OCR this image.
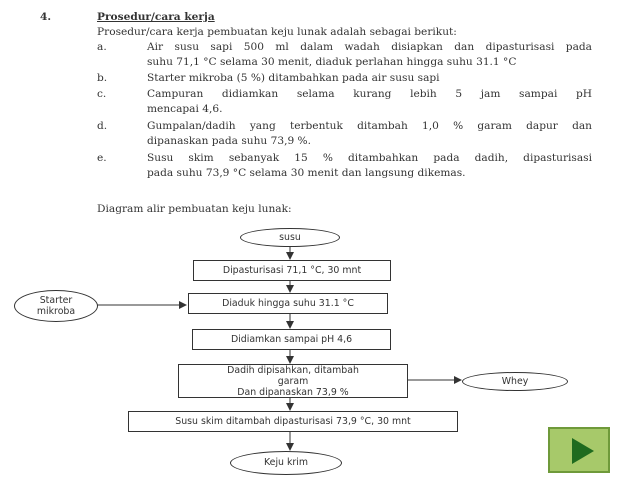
4.	Prosedur/cara kerja
Prosedur/cara kerja pembuatan keju lunak adalah sebagai berikut:
a.	Air susu sapi 500 ml dalam wadah disiapkan dan dipasturisasi pada
suhu 71,1 °C selama 30 menit, diaduk perlahan hingga suhu 31.1 °C
b.	Starter mikroba (5 %) ditambahkan pada air susu sapi
c.	Campuran didiamkan selama kurang lebih 5 jam sampai pH
mencapai 4,6.
d.	Gumpalan/dadih yang terbentuk ditambah 1,0 % garam dapur dan
dipanaskan pada suhu 73,9 %.
e.	Susu skim sebanyak 15 % ditambahkan pada dadih, dipasturisasi
pada suhu 73,9 °C selama 30 menit dan langsung dikemas.
Diagram alir pembuatan keju lunak:
susu
Dipasturisasi 71,1 °C, 30 mnt
Starter
mikroba
Diaduk hingga suhu 31.1 °C
Didiamkan sampai pH 4,6
Dadih dipisahkan, ditambah
garam
Dan dipanaskan 73,9 %
Whey
Susu skim ditambah dipasturisasi 73,9 °C, 30 mnt
Keju krim
